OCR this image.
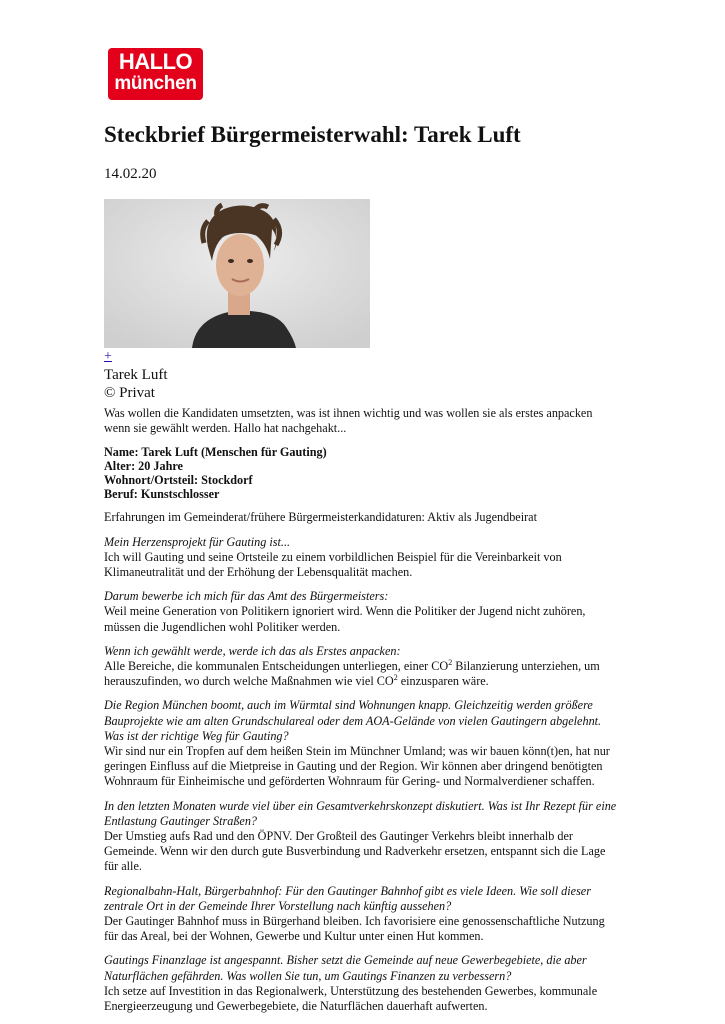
HALLO
münchen
Steckbrief Bürgermeisterwahl: Tarek Luft
14.02.20
+
Tarek Luft
© Privat

Was wollen die Kandidaten umsetzten, was ist ihnen wichtig und was wollen sie als erstes anpacken wenn sie gewählt werden. Hallo hat nachgehakt...

Name: Tarek Luft (Menschen für Gauting)
Alter: 20 Jahre
Wohnort/Ortsteil: Stockdorf
Beruf: Kunstschlosser

Erfahrungen im Gemeinderat/frühere Bürgermeisterkandidaturen: Aktiv als Jugendbeirat

Mein Herzensprojekt für Gauting ist...
Ich will Gauting und seine Ortsteile zu einem vorbildlichen Beispiel für die Vereinbarkeit von Klimaneutralität und der Erhöhung der Lebensqualität machen.

Darum bewerbe ich mich für das Amt des Bürgermeisters:
Weil meine Generation von Politikern ignoriert wird. Wenn die Politiker der Jugend nicht zuhören, müssen die Jugendlichen wohl Politiker werden.

Wenn ich gewählt werde, werde ich das als Erstes anpacken:
Alle Bereiche, die kommunalen Entscheidungen unterliegen, einer $CO^2$ Bilanzierung unterziehen, um herauszufinden, wo durch welche Maßnahmen wie viel $CO^2$ einzusparen wäre.

Die Region München boomt, auch im Würmtal sind Wohnungen knapp. Gleichzeitig werden größere Bauprojekte wie am alten Grundschulareal oder dem AOA-Gelände von vielen Gautingern abgelehnt. Was ist der richtige Weg für Gauting?
Wir sind nur ein Tropfen auf dem heißen Stein im Münchner Umland; was wir bauen könn(t)en, hat nur geringen Einfluss auf die Mietpreise in Gauting und der Region. Wir können aber dringend benötigten Wohnraum für Einheimische und geförderten Wohnraum für Gering- und Normalverdiener schaffen.

In den letzten Monaten wurde viel über ein Gesamtverkehrskonzept diskutiert. Was ist Ihr Rezept für eine Entlastung Gautinger Straßen?
Der Umstieg aufs Rad und den ÖPNV. Der Großteil des Gautinger Verkehrs bleibt innerhalb der Gemeinde. Wenn wir den durch gute Busverbindung und Radverkehr ersetzen, entspannt sich die Lage für alle.

Regionalbahn-Halt, Bürgerbahnhof: Für den Gautinger Bahnhof gibt es viele Ideen. Wie soll dieser zentrale Ort in der Gemeinde Ihrer Vorstellung nach künftig aussehen?
Der Gautinger Bahnhof muss in Bürgerhand bleiben. Ich favorisiere eine genossenschaftliche Nutzung für das Areal, bei der Wohnen, Gewerbe und Kultur unter einen Hut kommen.

Gautings Finanzlage ist angespannt. Bisher setzt die Gemeinde auf neue Gewerbegebiete, die aber Naturflächen gefährden. Was wollen Sie tun, um Gautings Finanzen zu verbessern?
Ich setze auf Investition in das Regionalwerk, Unterstützung des bestehenden Gewerbes, kommunale Energieerzeugung und Gewerbegebiete, die Naturflächen dauerhaft aufwerten.
